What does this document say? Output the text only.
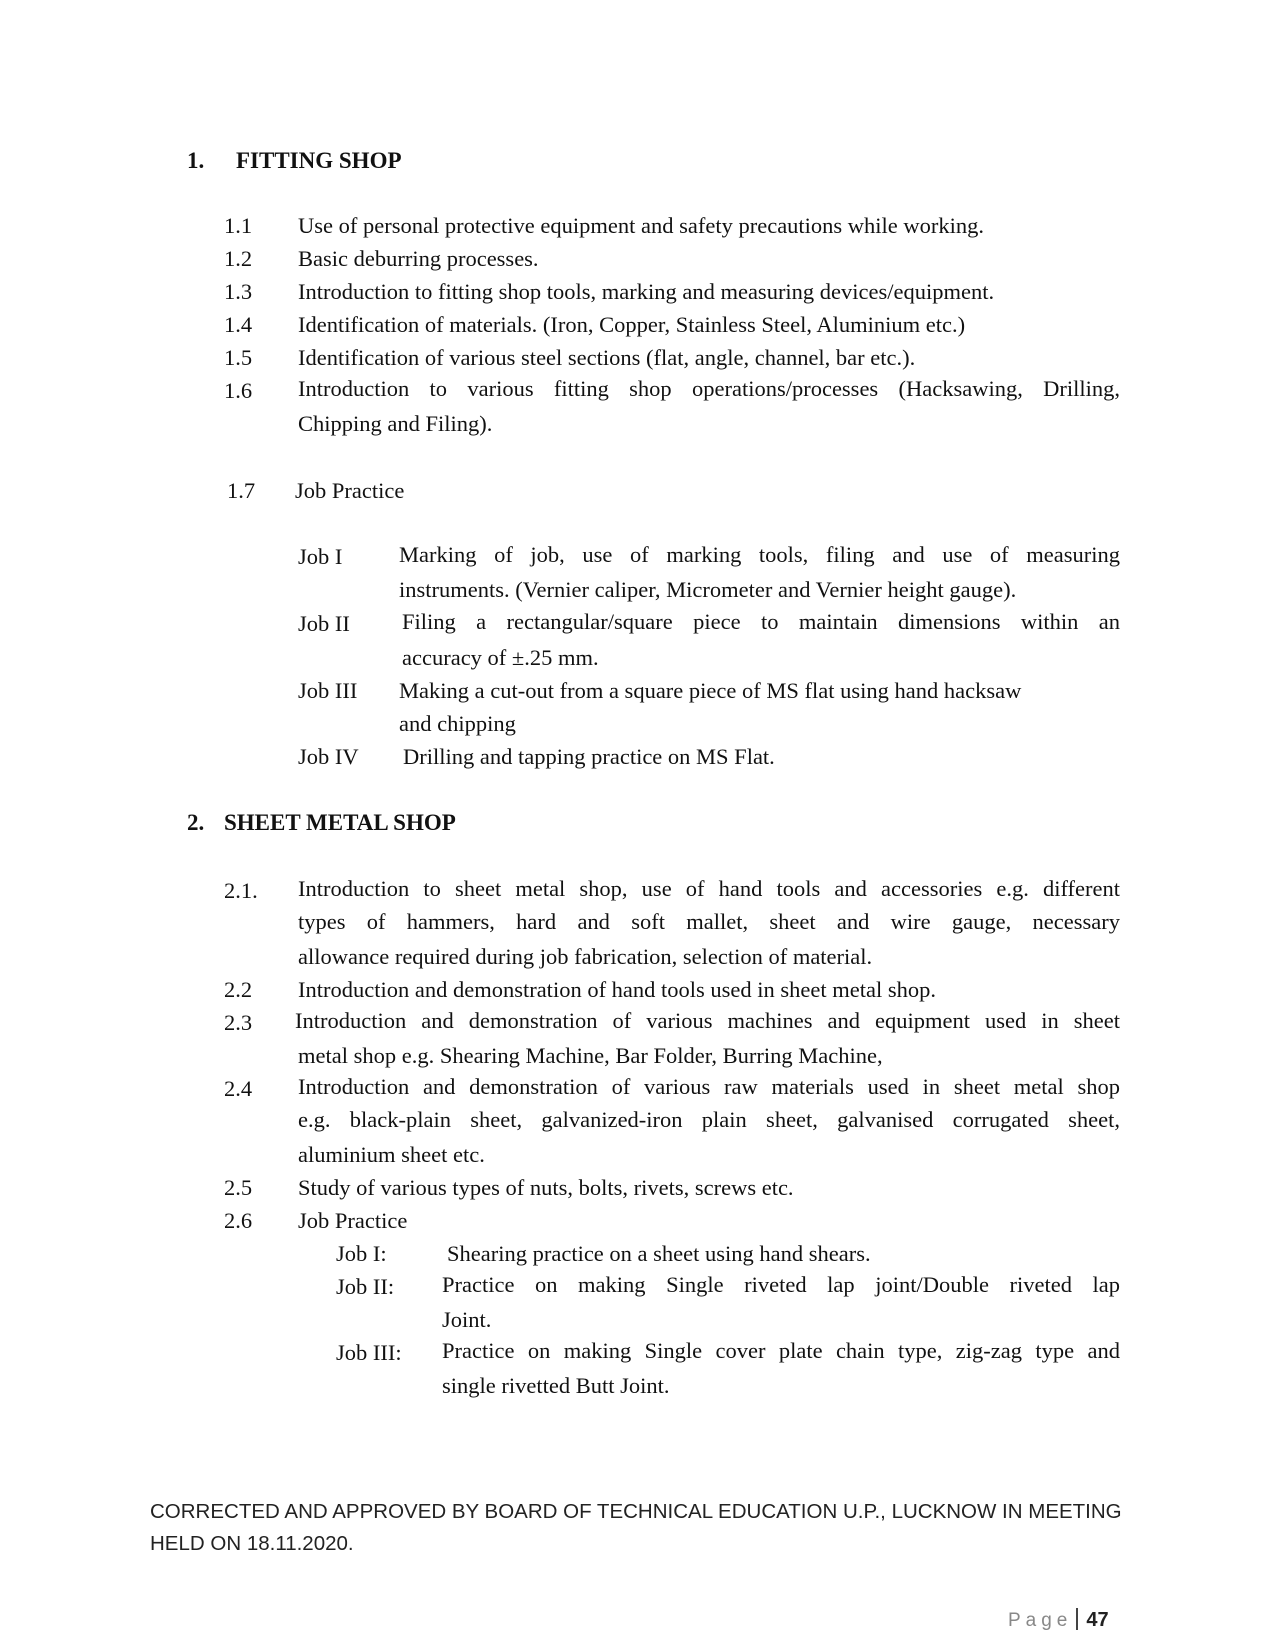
1. FITTING SHOP
1.1 Use of personal protective equipment and safety precautions while working.
1.2 Basic deburring processes.
1.3 Introduction to fitting shop tools, marking and measuring devices/equipment.
1.4 Identification of materials. (Iron, Copper, Stainless Steel, Aluminium etc.)
1.5 Identification of various steel sections (flat, angle, channel, bar etc.).
1.6 Introduction to various fitting shop operations/processes (Hacksawing, Drilling,
Chipping and Filing).
1.7 Job Practice
Job I	Marking of job, use of marking tools, filing and use of measuring
instruments. (Vernier caliper, Micrometer and Vernier height gauge).
Job II Filing a rectangular/square piece to maintain dimensions within an
accuracy of ±.25 mm.
Job III Making a cut-out from a square piece of MS flat using hand hacksaw
and chipping
Job IV Drilling and tapping practice on MS Flat.
2. SHEET METAL SHOP
2.1. Introduction to sheet metal shop, use of hand tools and accessories e.g. different
types of hammers, hard and soft mallet, sheet and wire gauge, necessary
allowance required during job fabrication, selection of material.
2.2 Introduction and demonstration of hand tools used in sheet metal shop.
2.3 Introduction and demonstration of various machines and equipment used in sheet
metal shop e.g. Shearing Machine, Bar Folder, Burring Machine,
2.4 Introduction and demonstration of various raw materials used in sheet metal shop
e.g. black-plain sheet, galvanized-iron plain sheet, galvanised corrugated sheet,
aluminium sheet etc.
2.5 Study of various types of nuts, bolts, rivets, screws etc.
2.6 Job Practice
Job I:	Shearing practice on a sheet using hand shears.
Job II: Practice on making Single riveted lap joint/Double riveted lap
Joint.
Job III: Practice on making Single cover plate chain type, zig-zag type and
single rivetted Butt Joint.
CORRECTED AND APPROVED BY BOARD OF TECHNICAL EDUCATION U.P., LUCKNOW IN MEETING
HELD ON 18.11.2020.
Page 47
